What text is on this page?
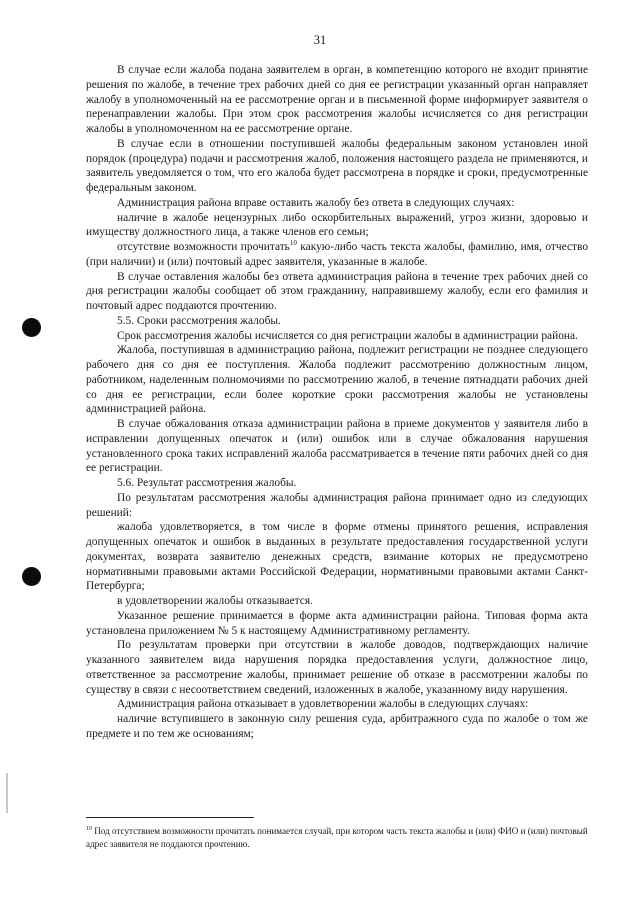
31

В случае если жалоба подана заявителем в орган, в компетенцию которого не входит принятие решения по жалобе, в течение трех рабочих дней со дня ее регистрации указанный орган направляет жалобу в уполномоченный на ее рассмотрение орган и в письменной форме информирует заявителя о перенаправлении жалобы. При этом срок рассмотрения жалобы исчисляется со дня регистрации жалобы в уполномоченном на ее рассмотрение органе.

В случае если в отношении поступившей жалобы федеральным законом установлен иной порядок (процедура) подачи и рассмотрения жалоб, положения настоящего раздела не применяются, и заявитель уведомляется о том, что его жалоба будет рассмотрена в порядке и сроки, предусмотренные федеральным законом.

Администрация района вправе оставить жалобу без ответа в следующих случаях:

наличие в жалобе нецензурных либо оскорбительных выражений, угроз жизни, здоровью и имуществу должностного лица, а также членов его семьи;

отсутствие возможности прочитать$^{10}$ какую-либо часть текста жалобы, фамилию, имя, отчество (при наличии) и (или) почтовый адрес заявителя, указанные в жалобе.

В случае оставления жалобы без ответа администрация района в течение трех рабочих дней со дня регистрации жалобы сообщает об этом гражданину, направившему жалобу, если его фамилия и почтовый адрес поддаются прочтению.

5.5. Сроки рассмотрения жалобы.

Срок рассмотрения жалобы исчисляется со дня регистрации жалобы в администрации района.

Жалоба, поступившая в администрацию района, подлежит регистрации не позднее следующего рабочего дня со дня ее поступления. Жалоба подлежит рассмотрению должностным лицом, работником, наделенным полномочиями по рассмотрению жалоб, в течение пятнадцати рабочих дней со дня ее регистрации, если более короткие сроки рассмотрения жалобы не установлены администрацией района.

В случае обжалования отказа администрации района в приеме документов у заявителя либо в исправлении допущенных опечаток и (или) ошибок или в случае обжалования нарушения установленного срока таких исправлений жалоба рассматривается в течение пяти рабочих дней со дня ее регистрации.

5.6. Результат рассмотрения жалобы.

По результатам рассмотрения жалобы администрация района принимает одно из следующих решений:

жалоба удовлетворяется, в том числе в форме отмены принятого решения, исправления допущенных опечаток и ошибок в выданных в результате предоставления государственной услуги документах, возврата заявителю денежных средств, взимание которых не предусмотрено нормативными правовыми актами Российской Федерации, нормативными правовыми актами Санкт-Петербурга;

в удовлетворении жалобы отказывается.

Указанное решение принимается в форме акта администрации района. Типовая форма акта установлена приложением № 5 к настоящему Административному регламенту.

По результатам проверки при отсутствии в жалобе доводов, подтверждающих наличие указанного заявителем вида нарушения порядка предоставления услуги, должностное лицо, ответственное за рассмотрение жалобы, принимает решение об отказе в рассмотрении жалобы по существу в связи с несоответствием сведений, изложенных в жалобе, указанному виду нарушения.

Администрация района отказывает в удовлетворении жалобы в следующих случаях:

наличие вступившего в законную силу решения суда, арбитражного суда по жалобе о том же предмете и по тем же основаниям;

$^{10}$ Под отсутствием возможности прочитать понимается случай, при котором часть текста жалобы и (или) ФИО и (или) почтовый адрес заявителя не поддаются прочтению.
